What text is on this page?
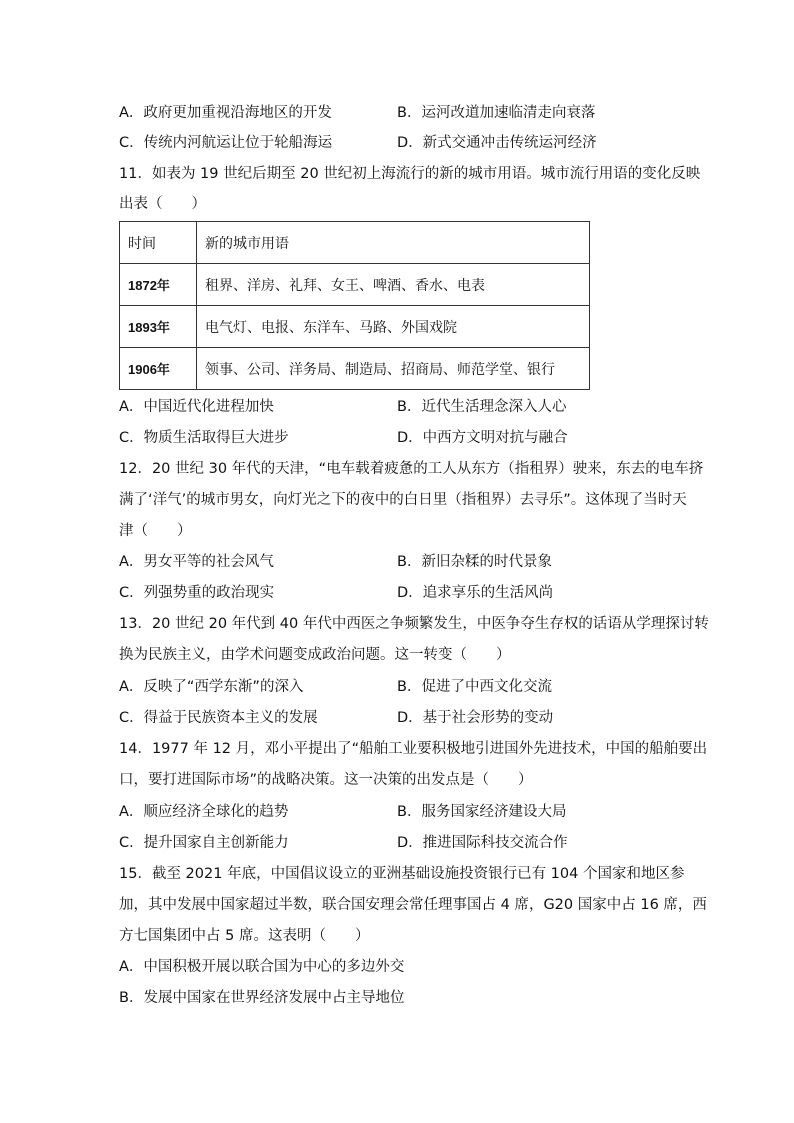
A．政府更加重视沿海地区的开发	B．运河改道加速临清走向衰落
C．传统内河航运让位于轮船海运	D．新式交通冲击传统运河经济
11．如表为 19 世纪后期至 20 世纪初上海流行的新的城市用语。城市流行用语的变化反映
出表（　　）
时间	新的城市用语
1872年	租界、洋房、礼拜、女王、啤酒、香水、电表
1893年	电气灯、电报、东洋车、马路、外国戏院
1906年	领事、公司、洋务局、制造局、招商局、师范学堂、银行
A．中国近代化进程加快	B．近代生活理念深入人心
C．物质生活取得巨大进步	D．中西方文明对抗与融合
12．20 世纪 30 年代的天津，“电车载着疲惫的工人从东方（指租界）驶来，东去的电车挤
满了‘洋气’的城市男女，向灯光之下的夜中的白日里（指租界）去寻乐”。这体现了当时天
津（　　）
A．男女平等的社会风气	B．新旧杂糅的时代景象
C．列强势重的政治现实	D．追求享乐的生活风尚
13．20 世纪 20 年代到 40 年代中西医之争频繁发生，中医争夺生存权的话语从学理探讨转
换为民族主义，由学术问题变成政治问题。这一转变（　　）
A．反映了“西学东渐”的深入	B．促进了中西文化交流
C．得益于民族资本主义的发展	D．基于社会形势的变动
14．1977 年 12 月，邓小平提出了“船舶工业要积极地引进国外先进技术，中国的船舶要出
口，要打进国际市场”的战略决策。这一决策的出发点是（　　）
A．顺应经济全球化的趋势	B．服务国家经济建设大局
C．提升国家自主创新能力	D．推进国际科技交流合作
15．截至 2021 年底，中国倡议设立的亚洲基础设施投资银行已有 104 个国家和地区参
加，其中发展中国家超过半数，联合国安理会常任理事国占 4 席，G20 国家中占 16 席，西
方七国集团中占 5 席。这表明（　　）
A．中国积极开展以联合国为中心的多边外交
B．发展中国家在世界经济发展中占主导地位
